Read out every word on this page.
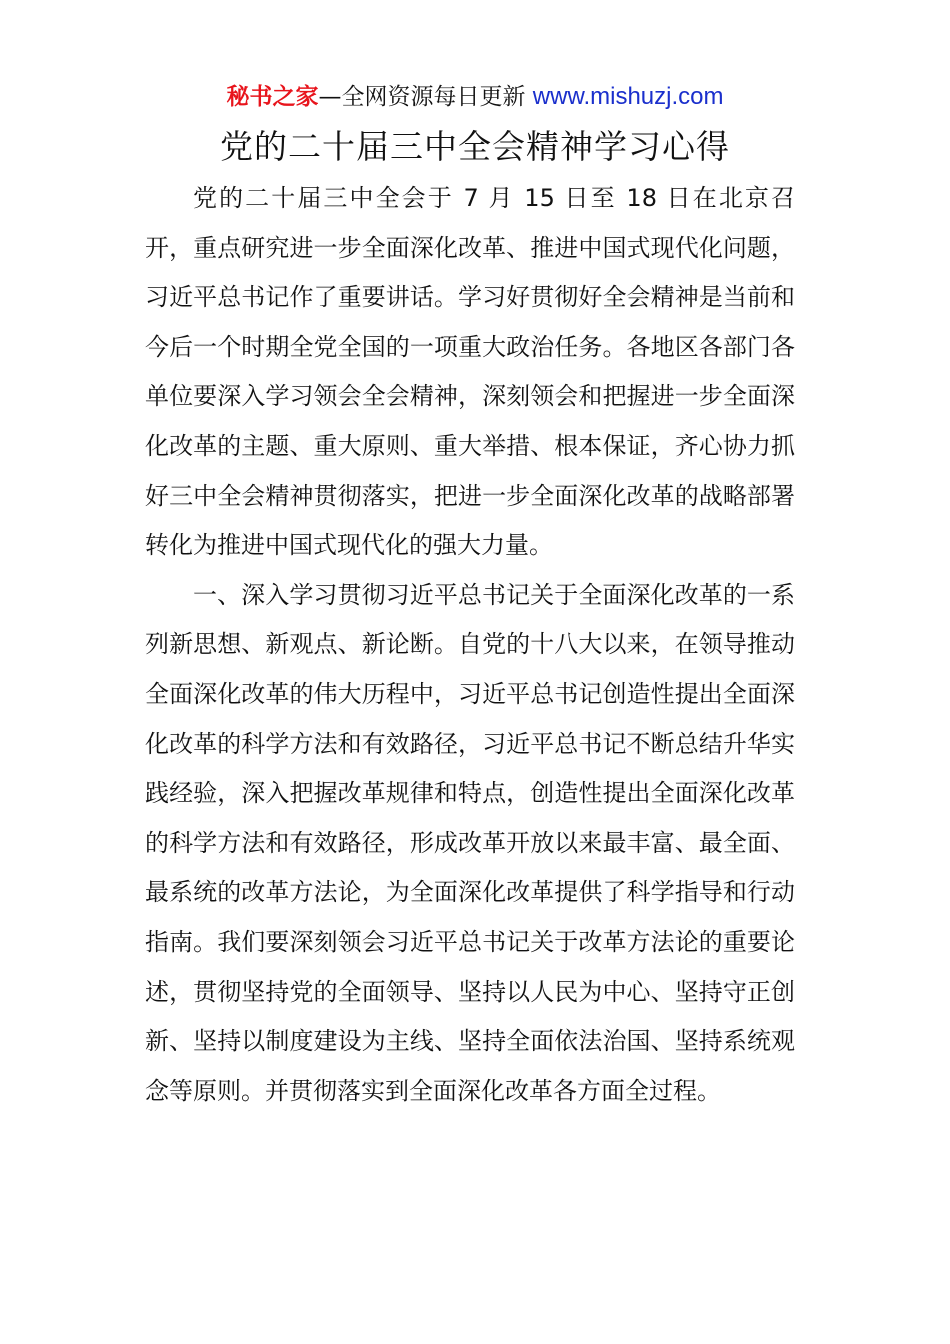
秘书之家—全网资源每日更新 www.mishuzj.com
党的二十届三中全会精神学习心得

党的二十届三中全会于 7 月 15 日至 18 日在北京召开，重点研究进一步全面深化改革、推进中国式现代化问题，习近平总书记作了重要讲话。学习好贯彻好全会精神是当前和今后一个时期全党全国的一项重大政治任务。各地区各部门各单位要深入学习领会全会精神，深刻领会和把握进一步全面深化改革的主题、重大原则、重大举措、根本保证，齐心协力抓好三中全会精神贯彻落实，把进一步全面深化改革的战略部署转化为推进中国式现代化的强大力量。

一、深入学习贯彻习近平总书记关于全面深化改革的一系列新思想、新观点、新论断。自党的十八大以来，在领导推动全面深化改革的伟大历程中，习近平总书记创造性提出全面深化改革的科学方法和有效路径，习近平总书记不断总结升华实践经验，深入把握改革规律和特点，创造性提出全面深化改革的科学方法和有效路径，形成改革开放以来最丰富、最全面、最系统的改革方法论，为全面深化改革提供了科学指导和行动指南。我们要深刻领会习近平总书记关于改革方法论的重要论述，贯彻坚持党的全面领导、坚持以人民为中心、坚持守正创新、坚持以制度建设为主线、坚持全面依法治国、坚持系统观念等原则。并贯彻落实到全面深化改革各方面全过程。
